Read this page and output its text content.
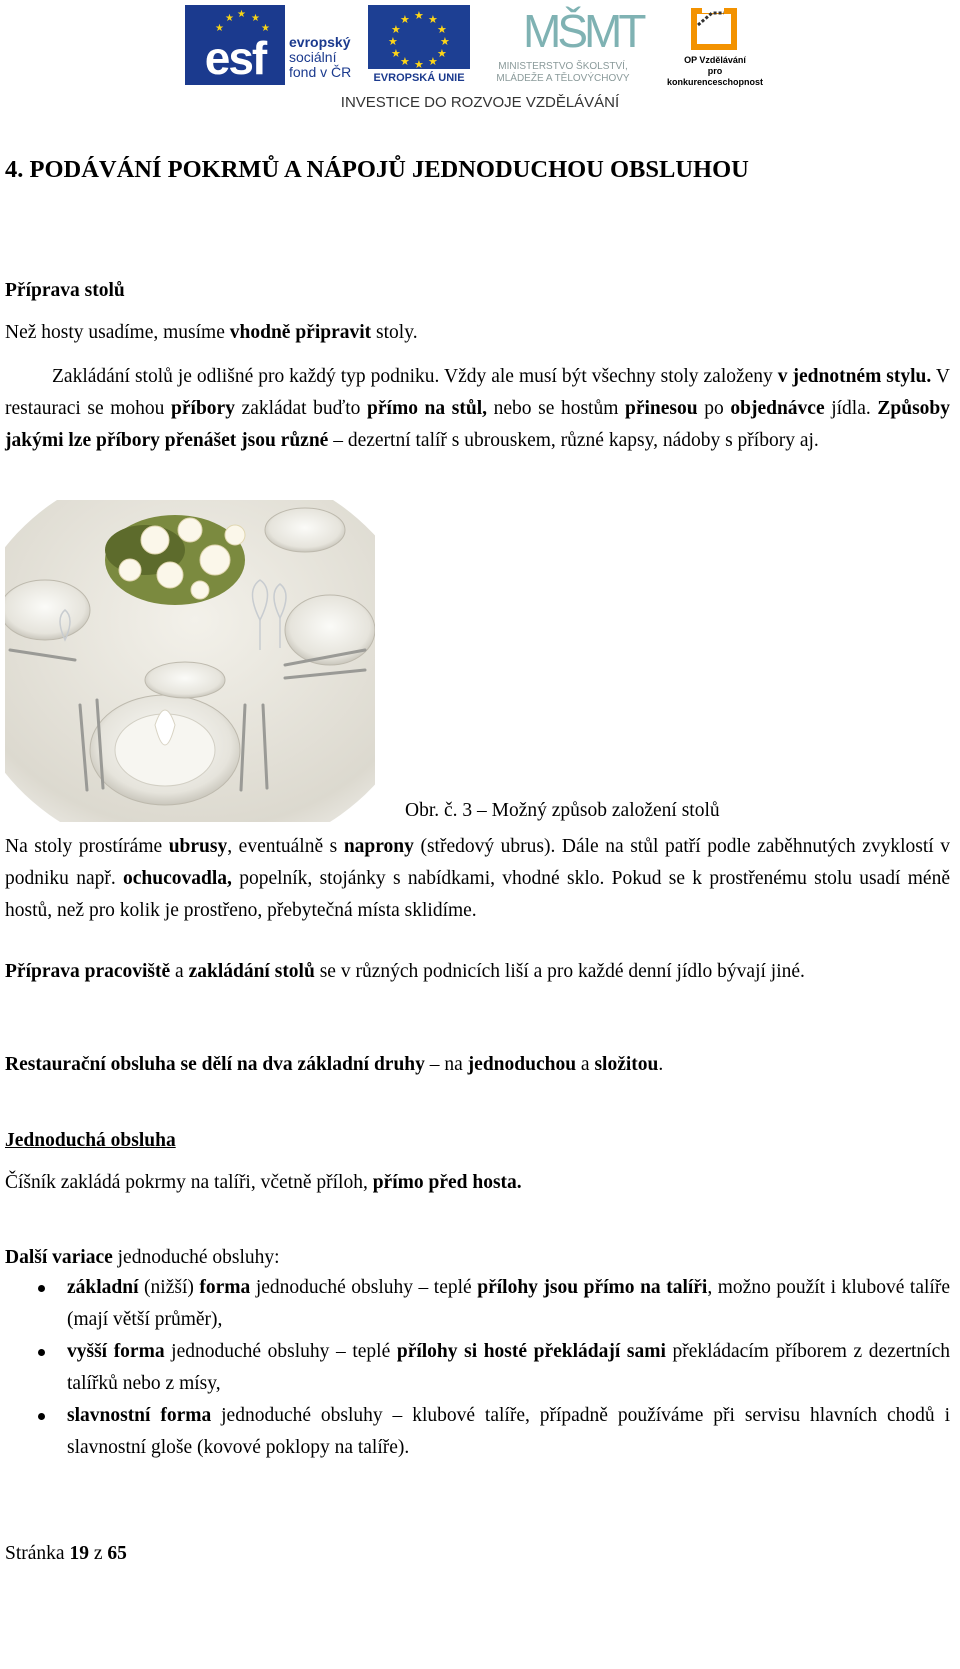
★ ★
★
★
★
esf	evropský
sociální
fond v ČR
★ ★
★
★
★
★
★
★
★
★
★
★
EVROPSKÁ UNIE
MŠMT
MINISTERSTVO ŠKOLSTVÍ,
MLÁDEŽE A TĚLOVÝCHOVY
OP Vzdělávání
pro konkurenceschopnost
INVESTICE DO ROZVOJE VZDĚLÁVÁNÍ
4. PODÁVÁNÍ POKRMŮ A NÁPOJŮ JEDNODUCHOU OBSLUHOU
Příprava stolů
Než hosty usadíme, musíme vhodně připravit stoly.
Zakládání stolů je odlišné pro každý typ podniku. Vždy ale musí být všechny stoly založeny v jednotném stylu. V restauraci se mohou příbory zakládat buďto přímo na stůl, nebo se hostům přinesou po objednávce jídla. Způsoby jakými lze příbory přenášet jsou různé – dezertní talíř s ubrouskem, různé kapsy, nádoby s příbory aj.
Obr. č. 3 – Možný způsob založení stolů
Na stoly prostíráme ubrusy, eventuálně s naprony (středový ubrus). Dále na stůl patří podle zaběhnutých zvyklostí v podniku např. ochucovadla, popelník, stojánky s nabídkami, vhodné sklo. Pokud se k prostřenému stolu usadí méně hostů, než pro kolik je prostřeno, přebytečná místa sklidíme.
Příprava pracoviště a zakládání stolů se v různých podnicích liší a pro každé denní jídlo bývají jiné.
Restaurační obsluha se dělí na dva základní druhy – na jednoduchou a složitou.
Jednoduchá obsluha
Číšník zakládá pokrmy na talíři, včetně příloh, přímo před hosta.
Další variace jednoduché obsluhy:
základní (nižší) forma jednoduché obsluhy – teplé přílohy jsou přímo na talíři, možno použít i klubové talíře (mají větší průměr),
vyšší forma jednoduché obsluhy – teplé přílohy si hosté překládají sami překládacím příborem z dezertních talířků nebo z mísy,
slavnostní forma jednoduché obsluhy – klubové talíře, případně používáme při servisu hlavních chodů i slavnostní gloše (kovové poklopy na talíře).
Stránka 19 z 65
